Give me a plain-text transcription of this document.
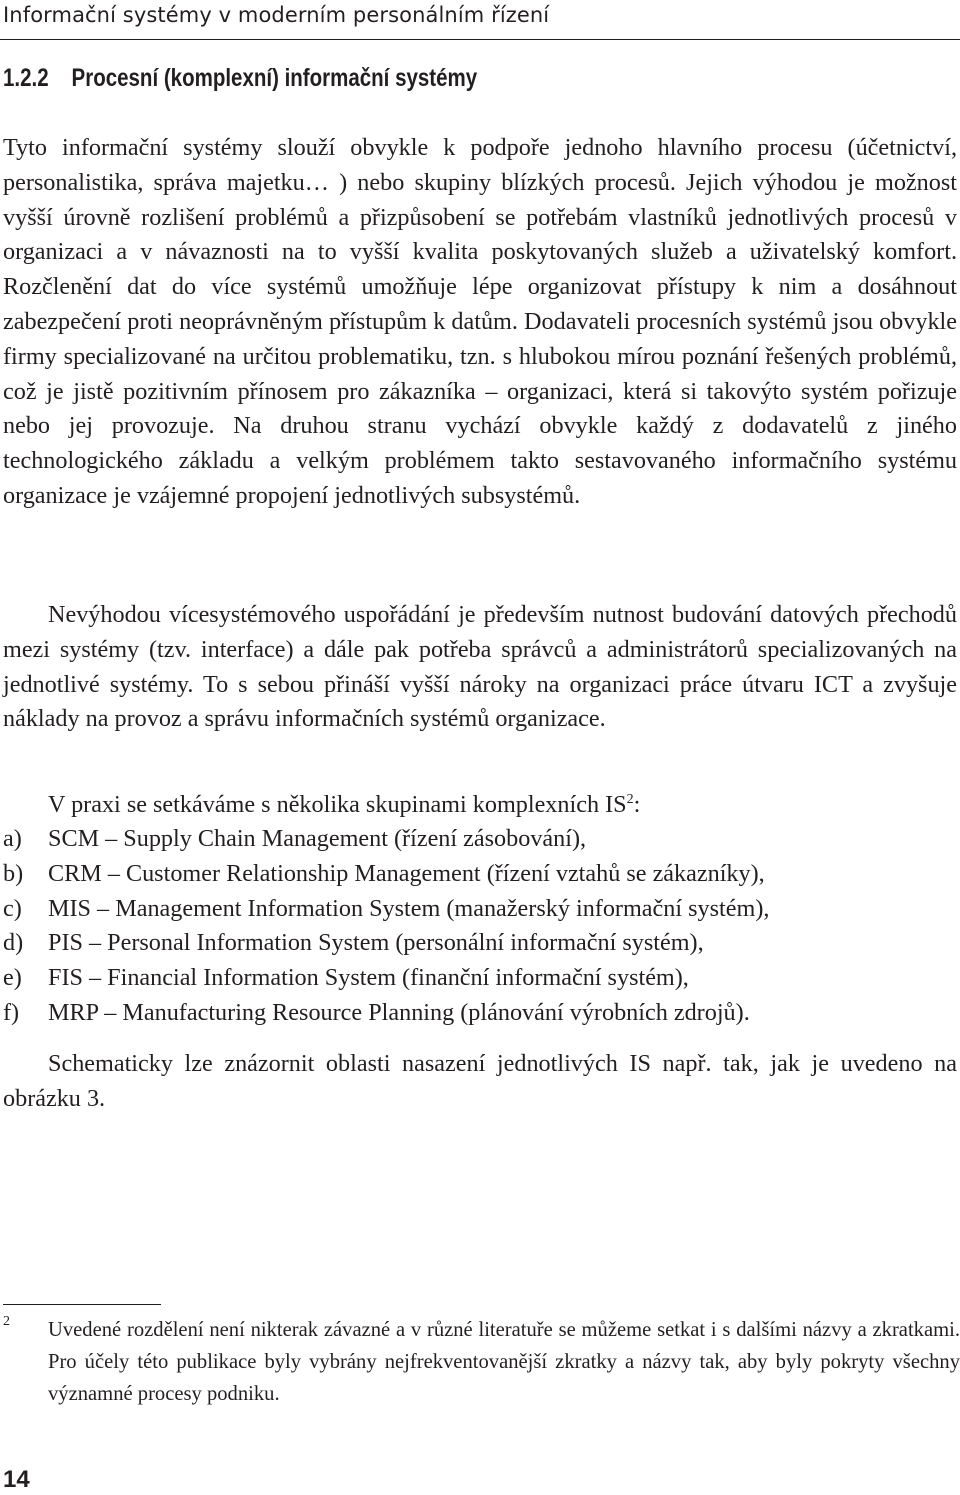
Informační systémy v moderním personálním řízení
1.2.2 Procesní (komplexní) informační systémy

Tyto informační systémy slouží obvykle k podpoře jednoho hlavního procesu (účetnictví, personalistika, správa majetku… ) nebo skupiny blízkých procesů. Jejich výhodou je možnost vyšší úrovně rozlišení problémů a přizpůsobení se potřebám vlastníků jednotlivých procesů v organizaci a v návaznosti na to vyšší kvalita poskytovaných služeb a uživatelský komfort. Rozčlenění dat do více systémů umožňuje lépe organizovat přístupy k nim a dosáhnout zabezpečení proti neoprávněným přístupům k datům. Dodavateli procesních systémů jsou obvykle firmy specializované na určitou problematiku, tzn. s hlubokou mírou poznání řešených problémů, což je jistě pozitivním přínosem pro zákazníka – organizaci, která si takovýto systém pořizuje nebo jej provozuje. Na druhou stranu vychází obvykle každý z dodavatelů z jiného technologického základu a velkým problémem takto sestavovaného informačního systému organizace je vzájemné propojení jednotlivých subsystémů.

Nevýhodou vícesystémového uspořádání je především nutnost budování datových přechodů mezi systémy (tzv. interface) a dále pak potřeba správců a administrátorů specializovaných na jednotlivé systémy. To s sebou přináší vyšší nároky na organizaci práce útvaru ICT a zvyšuje náklady na provoz a správu informačních systémů organizace.

V praxi se setkáváme s několika skupinami komplexních $IS^2$:

a)	SCM – Supply Chain Management (řízení zásobování),
b)	CRM – Customer Relationship Management (řízení vztahů se zákazníky),
c)	MIS – Management Information System (manažerský informační systém),
d)	PIS – Personal Information System (personální informační systém),
e)	FIS – Financial Information System (finanční informační systém),
f)	MRP – Manufacturing Resource Planning (plánování výrobních zdrojů).

Schematicky lze znázornit oblasti nasazení jednotlivých IS např. tak, jak je uvedeno na obrázku 3.

2 Uvedené rozdělení není nikterak závazné a v různé literatuře se můžeme setkat i s dalšími názvy a zkratkami. Pro účely této publikace byly vybrány nejfrekventovanější zkratky a názvy tak, aby byly pokryty všechny významné procesy podniku.

14
